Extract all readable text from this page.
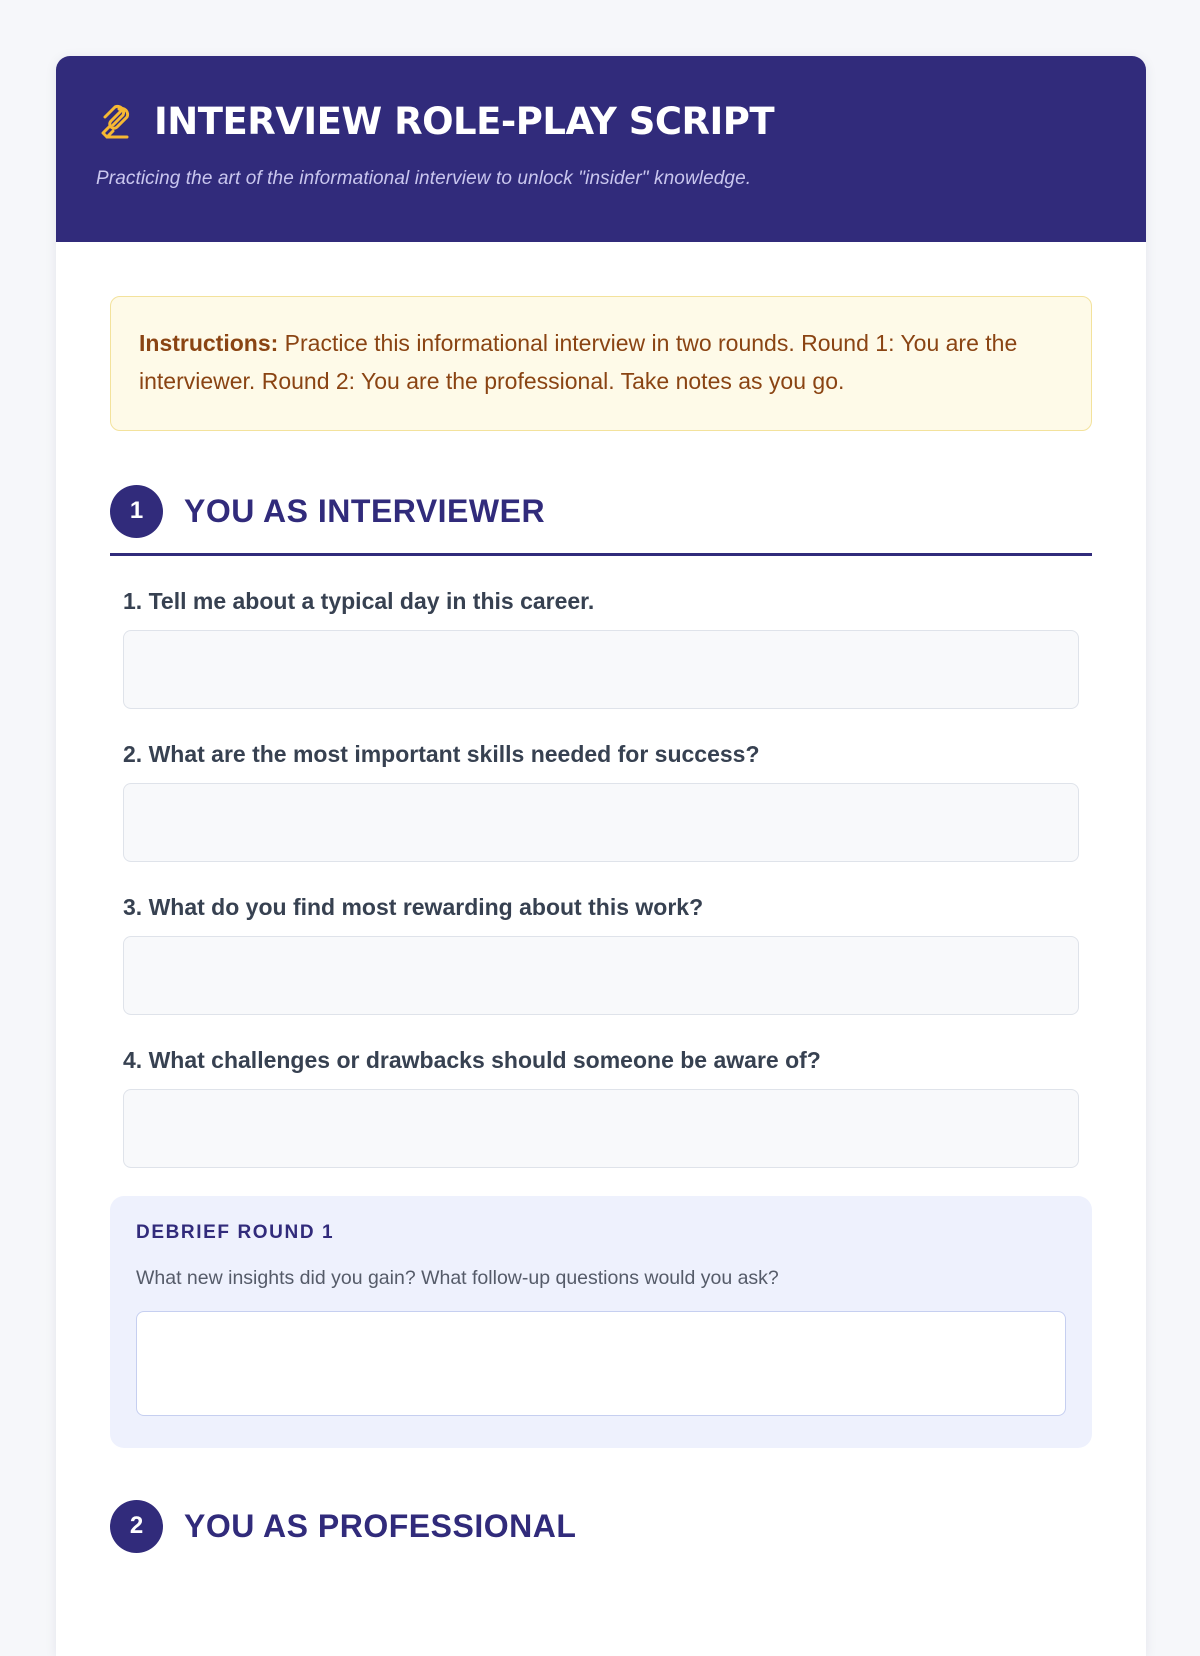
INTERVIEW ROLE-PLAY SCRIPT

Practicing the art of the informational interview to unlock "insider" knowledge.

Instructions: Practice this informational interview in two rounds. Round 1: You are the interviewer. Round 2: You are the professional. Take notes as you go.
1	YOU AS INTERVIEWER
1. Tell me about a typical day in this career.
2. What are the most important skills needed for success?
3. What do you find most rewarding about this work?
4. What challenges or drawbacks should someone be aware of?
DEBRIEF ROUND 1
What new insights did you gain? What follow-up questions would you ask?
2	YOU AS PROFESSIONAL
